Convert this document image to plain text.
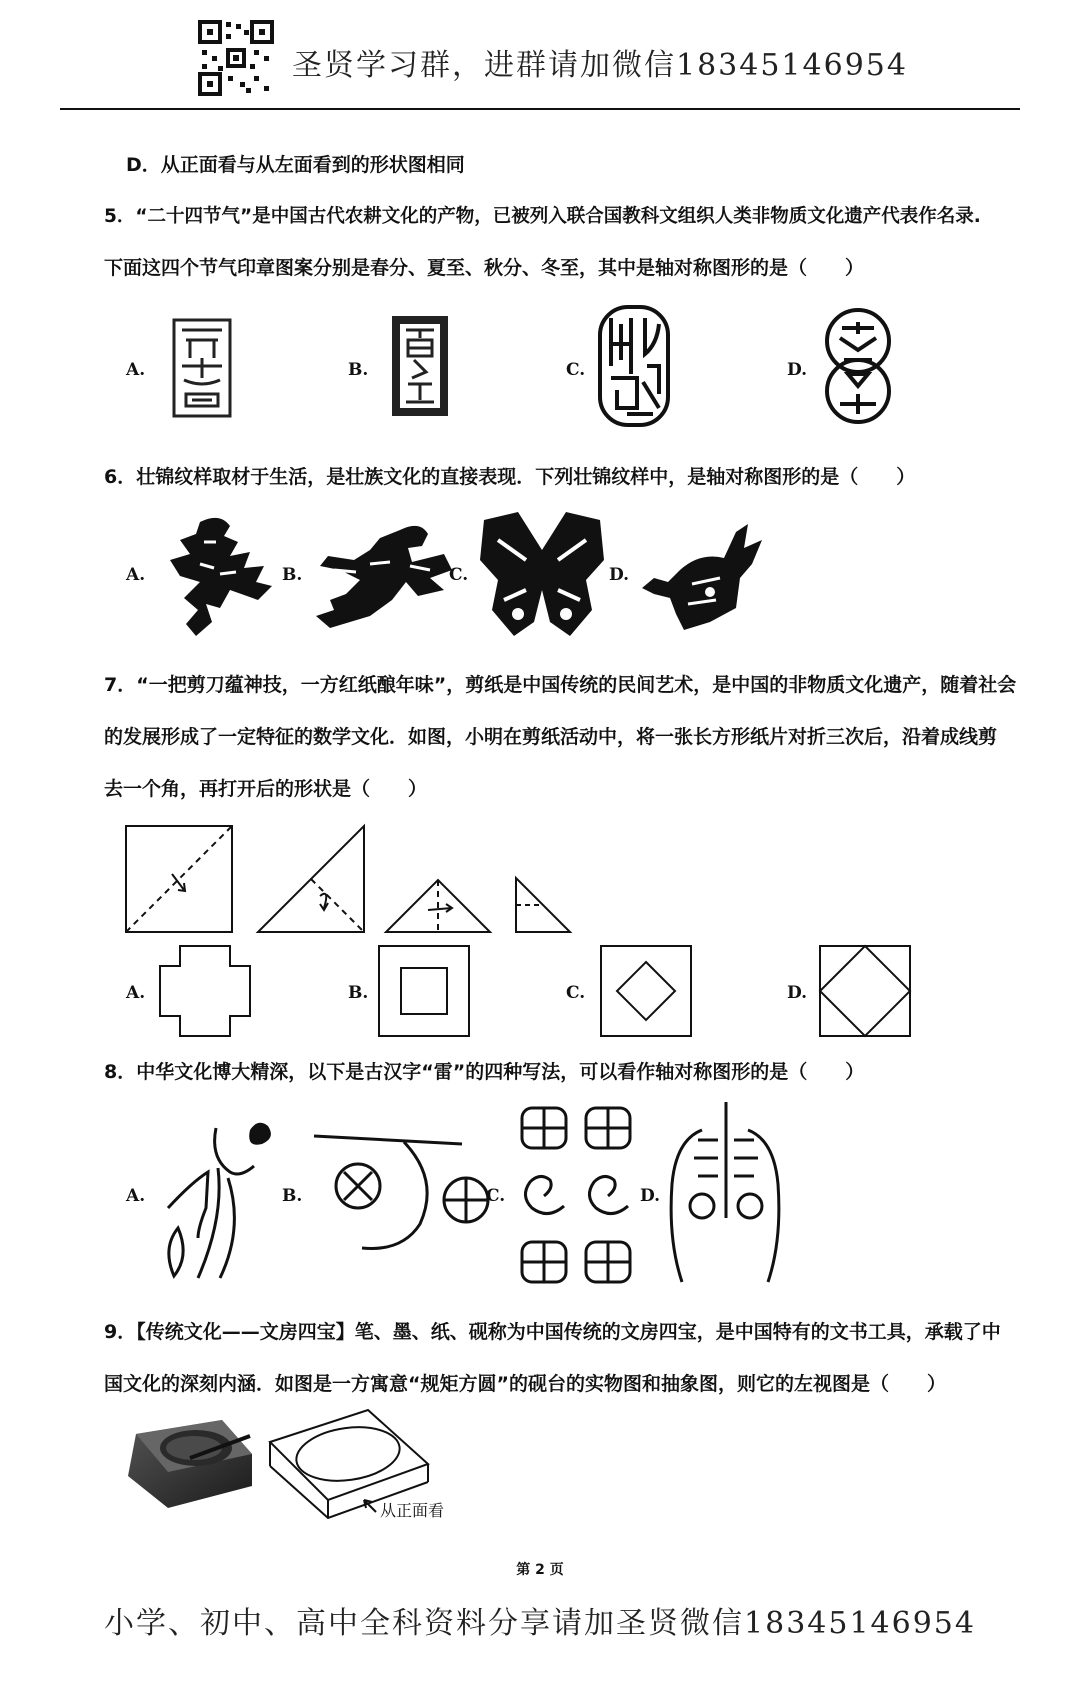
圣贤学习群，进群请加微信18345146954
D．从正面看与从左面看到的形状图相同
5．“二十四节气”是中国古代农耕文化的产物，已被列入联合国教科文组织人类非物质文化遗产代表作名录.
下面这四个节气印章图案分别是春分、夏至、秋分、冬至，其中是轴对称图形的是（　　）
A.	B.	C.	D.
6．壮锦纹样取材于生活，是壮族文化的直接表现．下列壮锦纹样中，是轴对称图形的是（　　）
A.	B.	C.	D.
7．“一把剪刀蕴神技，一方红纸酿年味”，剪纸是中国传统的民间艺术，是中国的非物质文化遗产，随着社会
的发展形成了一定特征的数学文化．如图，小明在剪纸活动中，将一张长方形纸片对折三次后，沿着成线剪
去一个角，再打开后的形状是（　　）
A.	B.	C.	D.
8．中华文化博大精深，以下是古汉字“雷”的四种写法，可以看作轴对称图形的是（　　）
A.	B.	C.	D.
9．【传统文化——文房四宝】笔、墨、纸、砚称为中国传统的文房四宝，是中国特有的文书工具，承载了中
国文化的深刻内涵．如图是一方寓意“规矩方圆”的砚台的实物图和抽象图，则它的左视图是（　　）
从正面看
第 2 页
小学、初中、高中全科资料分享请加圣贤微信18345146954
